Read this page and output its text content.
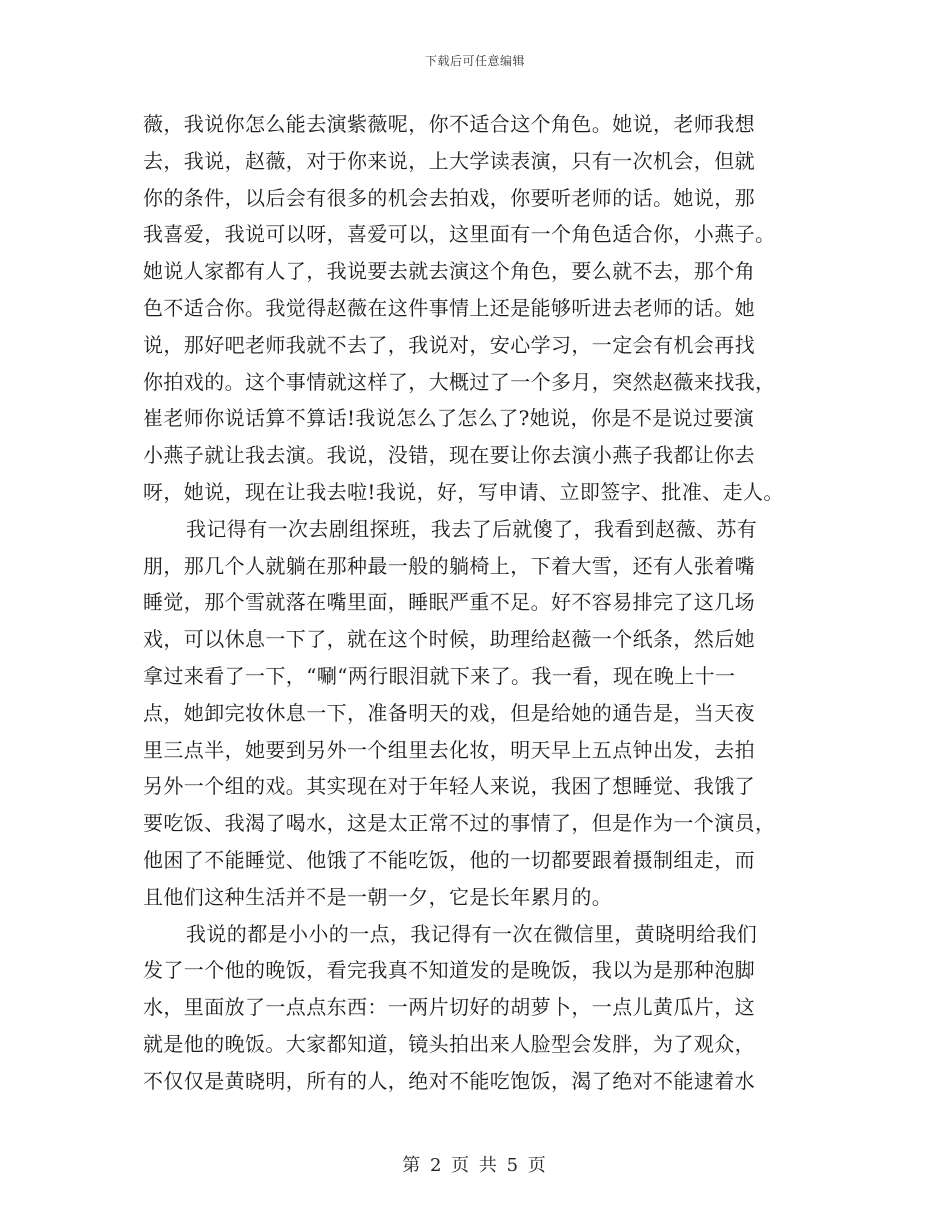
下载后可任意编辑
薇，我说你怎么能去演紫薇呢，你不适合这个角色。她说，老师我想
去，我说，赵薇，对于你来说，上大学读表演，只有一次机会，但就
你的条件，以后会有很多的机会去拍戏，你要听老师的话。她说，那
我喜爱，我说可以呀，喜爱可以，这里面有一个角色适合你，小燕子。
她说人家都有人了，我说要去就去演这个角色，要么就不去，那个角
色不适合你。我觉得赵薇在这件事情上还是能够听进去老师的话。她
说，那好吧老师我就不去了，我说对，安心学习，一定会有机会再找
你拍戏的。这个事情就这样了，大概过了一个多月，突然赵薇来找我，
崔老师你说话算不算话!我说怎么了怎么了?她说，你是不是说过要演
小燕子就让我去演。我说，没错，现在要让你去演小燕子我都让你去
呀，她说，现在让我去啦!我说，好，写申请、立即签字、批准、走人。
我记得有一次去剧组探班，我去了后就傻了，我看到赵薇、苏有
朋，那几个人就躺在那种最一般的躺椅上，下着大雪，还有人张着嘴
睡觉，那个雪就落在嘴里面，睡眠严重不足。好不容易排完了这几场
戏，可以休息一下了，就在这个时候，助理给赵薇一个纸条，然后她
拿过来看了一下，“唰“两行眼泪就下来了。我一看，现在晚上十一
点，她卸完妆休息一下，准备明天的戏，但是给她的通告是，当天夜
里三点半，她要到另外一个组里去化妆，明天早上五点钟出发，去拍
另外一个组的戏。其实现在对于年轻人来说，我困了想睡觉、我饿了
要吃饭、我渴了喝水，这是太正常不过的事情了，但是作为一个演员，
他困了不能睡觉、他饿了不能吃饭，他的一切都要跟着摄制组走，而
且他们这种生活并不是一朝一夕，它是长年累月的。
我说的都是小小的一点，我记得有一次在微信里，黄晓明给我们
发了一个他的晚饭，看完我真不知道发的是晚饭，我以为是那种泡脚
水，里面放了一点点东西：一两片切好的胡萝卜，一点儿黄瓜片，这
就是他的晚饭。大家都知道，镜头拍出来人脸型会发胖，为了观众，
不仅仅是黄晓明，所有的人，绝对不能吃饱饭，渴了绝对不能逮着水
第 2 页 共 5 页
